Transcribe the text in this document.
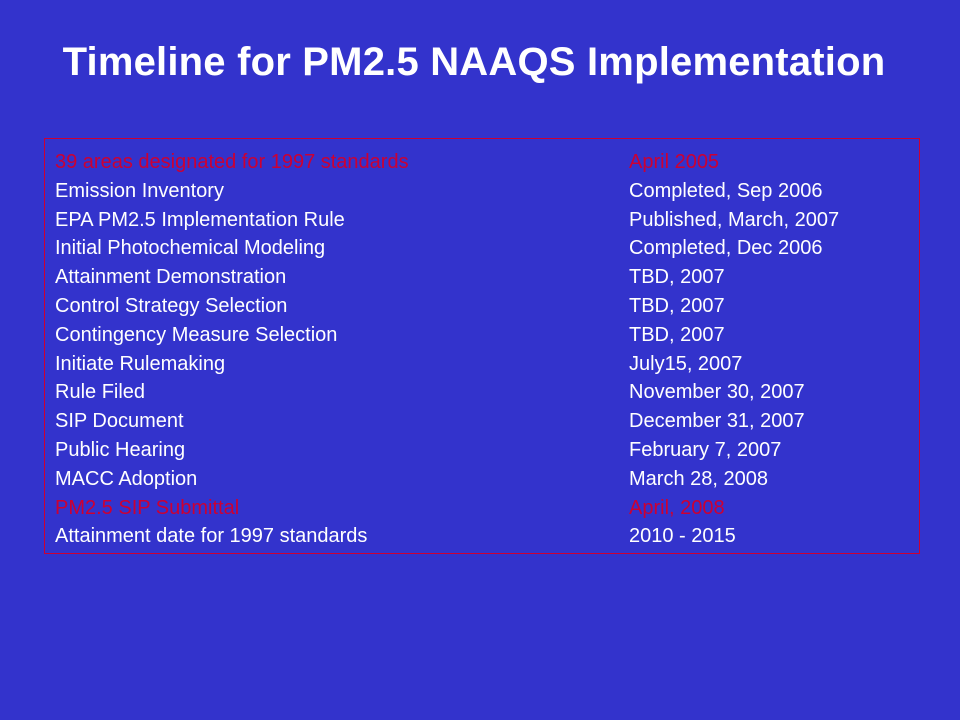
Timeline for PM2.5 NAAQS Implementation
39 areas designated for 1997 standards	April 2005
Emission Inventory	Completed, Sep 2006
EPA PM2.5 Implementation Rule	Published, March, 2007
Initial Photochemical Modeling	Completed, Dec 2006
Attainment Demonstration	TBD, 2007
Control Strategy Selection	TBD, 2007
Contingency Measure Selection	TBD, 2007
Initiate Rulemaking	July15, 2007
Rule Filed	November 30, 2007
SIP Document	December 31, 2007
Public Hearing	February 7, 2007
MACC Adoption	March 28, 2008
PM2.5 SIP Submittal	April, 2008
Attainment date for 1997 standards	2010 - 2015
